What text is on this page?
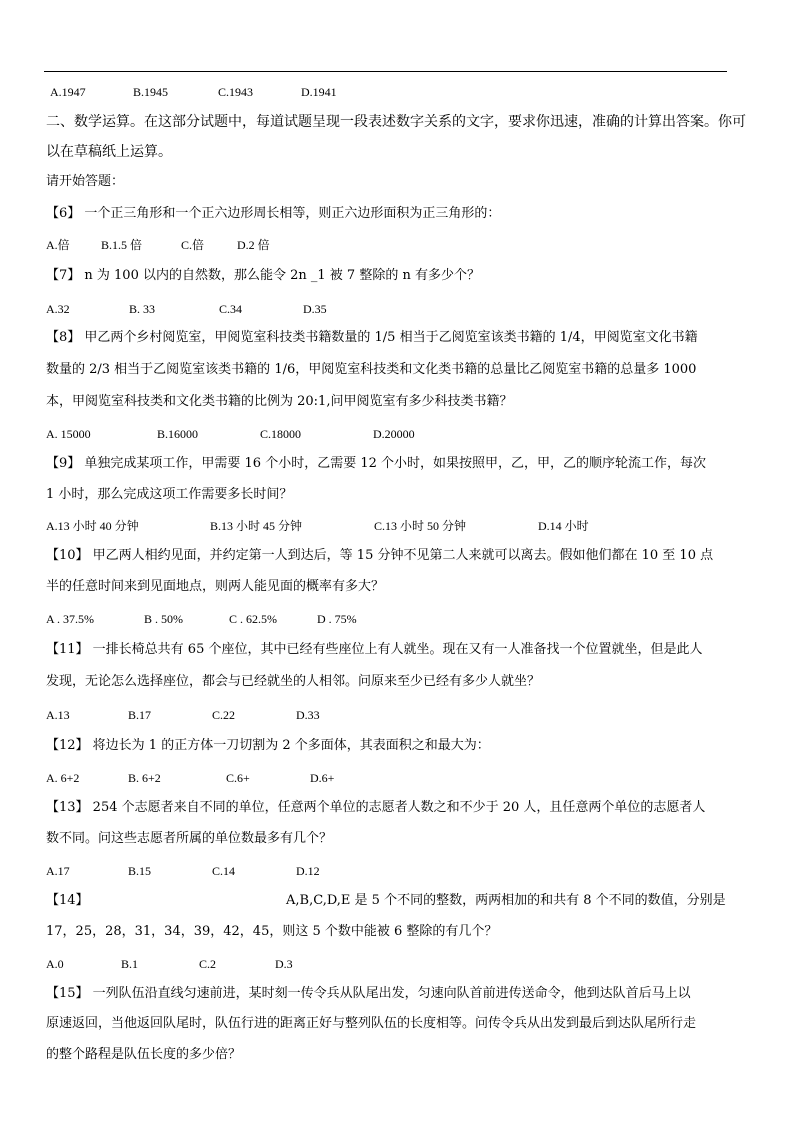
A.1947	B.1945	C.1943	D.1941
二、数学运算。在这部分试题中，每道试题呈现一段表述数字关系的文字，要求你迅速，准确的计算出答案。你可
以在草稿纸上运算。
请开始答题：
【6】 一个正三角形和一个正六边形周长相等，则正六边形面积为正三角形的：
A.倍	B.1.5 倍	C.倍	D.2 倍
【7】 n 为 100 以内的自然数，那么能令 2n _1 被 7 整除的 n 有多少个？
A.32	B. 33	C.34	D.35
【8】 甲乙两个乡村阅览室，甲阅览室科技类书籍数量的 1/5 相当于乙阅览室该类书籍的 1/4，甲阅览室文化书籍
数量的 2/3 相当于乙阅览室该类书籍的 1/6，甲阅览室科技类和文化类书籍的总量比乙阅览室书籍的总量多 1000
本，甲阅览室科技类和文化类书籍的比例为 20:1,问甲阅览室有多少科技类书籍？
A. 15000	B.16000	C.18000	D.20000
【9】 单独完成某项工作，甲需要 16 个小时，乙需要 12 个小时，如果按照甲，乙，甲，乙的顺序轮流工作，每次
1 小时，那么完成这项工作需要多长时间？
A.13 小时 40 分钟	B.13 小时 45 分钟	C.13 小时 50 分钟	D.14 小时
【10】 甲乙两人相约见面，并约定第一人到达后，等 15 分钟不见第二人来就可以离去。假如他们都在 10 至 10 点
半的任意时间来到见面地点，则两人能见面的概率有多大？
A . 37.5%	B . 50%	C . 62.5%	D . 75%
【11】 一排长椅总共有 65 个座位，其中已经有些座位上有人就坐。现在又有一人准备找一个位置就坐，但是此人
发现，无论怎么选择座位，都会与已经就坐的人相邻。问原来至少已经有多少人就坐？
A.13	B.17	C.22	D.33
【12】 将边长为 1 的正方体一刀切割为 2 个多面体，其表面积之和最大为：
A. 6+2	B. 6+2	C.6+	D.6+
【13】 254 个志愿者来自不同的单位，任意两个单位的志愿者人数之和不少于 20 人，且任意两个单位的志愿者人
数不同。问这些志愿者所属的单位数最多有几个？
A.17	B.15	C.14	D.12
【14】	A,B,C,D,E 是 5 个不同的整数，两两相加的和共有 8 个不同的数值，分别是
17，25，28，31，34，39，42，45，则这 5 个数中能被 6 整除的有几个？
A.0	B.1	C.2	D.3
【15】 一列队伍沿直线匀速前进，某时刻一传令兵从队尾出发，匀速向队首前进传送命令，他到达队首后马上以
原速返回，当他返回队尾时，队伍行进的距离正好与整列队伍的长度相等。问传令兵从出发到最后到达队尾所行走
的整个路程是队伍长度的多少倍？
